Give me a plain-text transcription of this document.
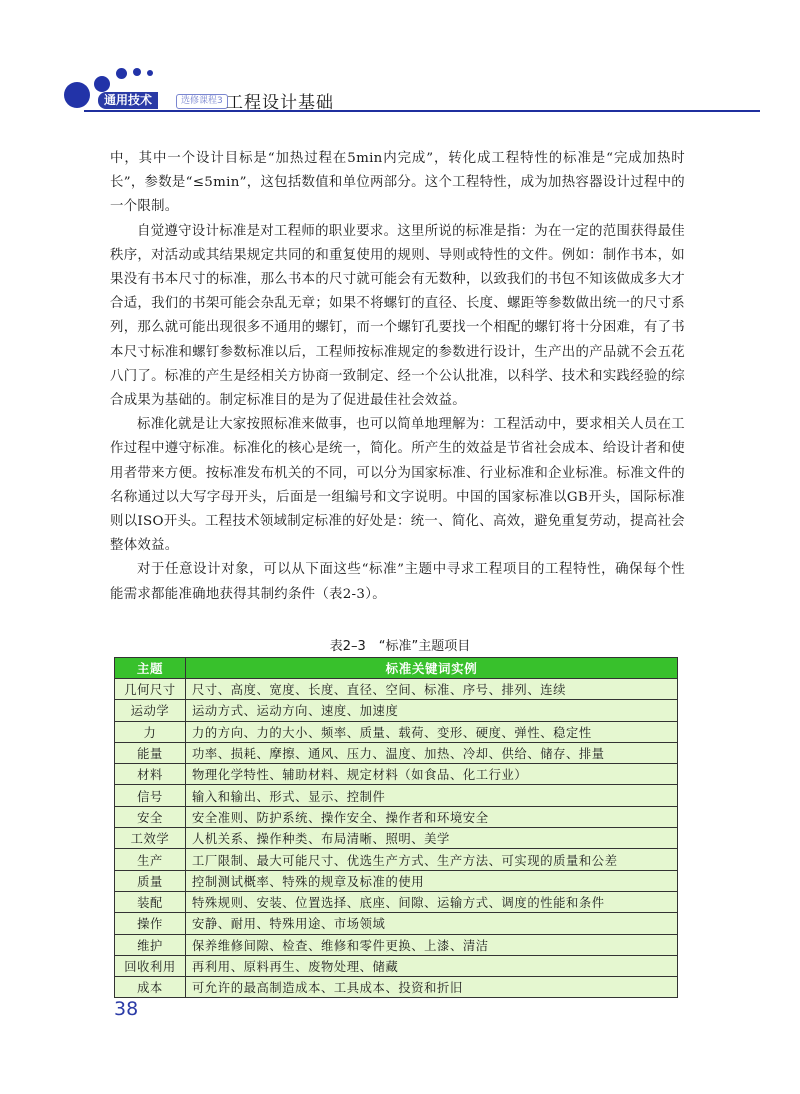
通用技术	选修课程3 工程设计基础

中，其中一个设计目标是“加热过程在5min内完成”，转化成工程特性的标准是“完成加热时长”，参数是“≤5min”，这包括数值和单位两部分。这个工程特性，成为加热容器设计过程中的一个限制。

自觉遵守设计标准是对工程师的职业要求。这里所说的标准是指：为在一定的范围获得最佳秩序，对活动或其结果规定共同的和重复使用的规则、导则或特性的文件。例如：制作书本，如果没有书本尺寸的标准，那么书本的尺寸就可能会有无数种，以致我们的书包不知该做成多大才合适，我们的书架可能会杂乱无章；如果不将螺钉的直径、长度、螺距等参数做出统一的尺寸系列，那么就可能出现很多不通用的螺钉，而一个螺钉孔要找一个相配的螺钉将十分困难，有了书本尺寸标准和螺钉参数标准以后，工程师按标准规定的参数进行设计，生产出的产品就不会五花八门了。标准的产生是经相关方协商一致制定、经一个公认批准，以科学、技术和实践经验的综合成果为基础的。制定标准目的是为了促进最佳社会效益。

标准化就是让大家按照标准来做事，也可以简单地理解为：工程活动中，要求相关人员在工作过程中遵守标准。标准化的核心是统一，简化。所产生的效益是节省社会成本、给设计者和使用者带来方便。按标准发布机关的不同，可以分为国家标准、行业标准和企业标准。标准文件的名称通过以大写字母开头，后面是一组编号和文字说明。中国的国家标准以GB开头，国际标准则以ISO开头。工程技术领域制定标准的好处是：统一、简化、高效，避免重复劳动，提高社会整体效益。

对于任意设计对象，可以从下面这些“标准”主题中寻求工程项目的工程特性，确保每个性能需求都能准确地获得其制约条件（表2-3）。

表2–3　“标准”主题项目
主题	标准关键词实例
几何尺寸	尺寸、高度、宽度、长度、直径、空间、标准、序号、排列、连续
运动学	运动方式、运动方向、速度、加速度
力	力的方向、力的大小、频率、质量、载荷、变形、硬度、弹性、稳定性
能量	功率、损耗、摩擦、通风、压力、温度、加热、冷却、供给、储存、排量
材料	物理化学特性、辅助材料、规定材料（如食品、化工行业）
信号	输入和输出、形式、显示、控制件
安全	安全准则、防护系统、操作安全、操作者和环境安全
工效学	人机关系、操作种类、布局清晰、照明、美学
生产	工厂限制、最大可能尺寸、优选生产方式、生产方法、可实现的质量和公差
质量	控制测试概率、特殊的规章及标准的使用
装配	特殊规则、安装、位置选择、底座、间隙、运输方式、调度的性能和条件
操作	安静、耐用、特殊用途、市场领域
维护	保养维修间隙、检查、维修和零件更换、上漆、清洁
回收利用	再利用、原料再生、废物处理、储藏
成本	可允许的最高制造成本、工具成本、投资和折旧
38
